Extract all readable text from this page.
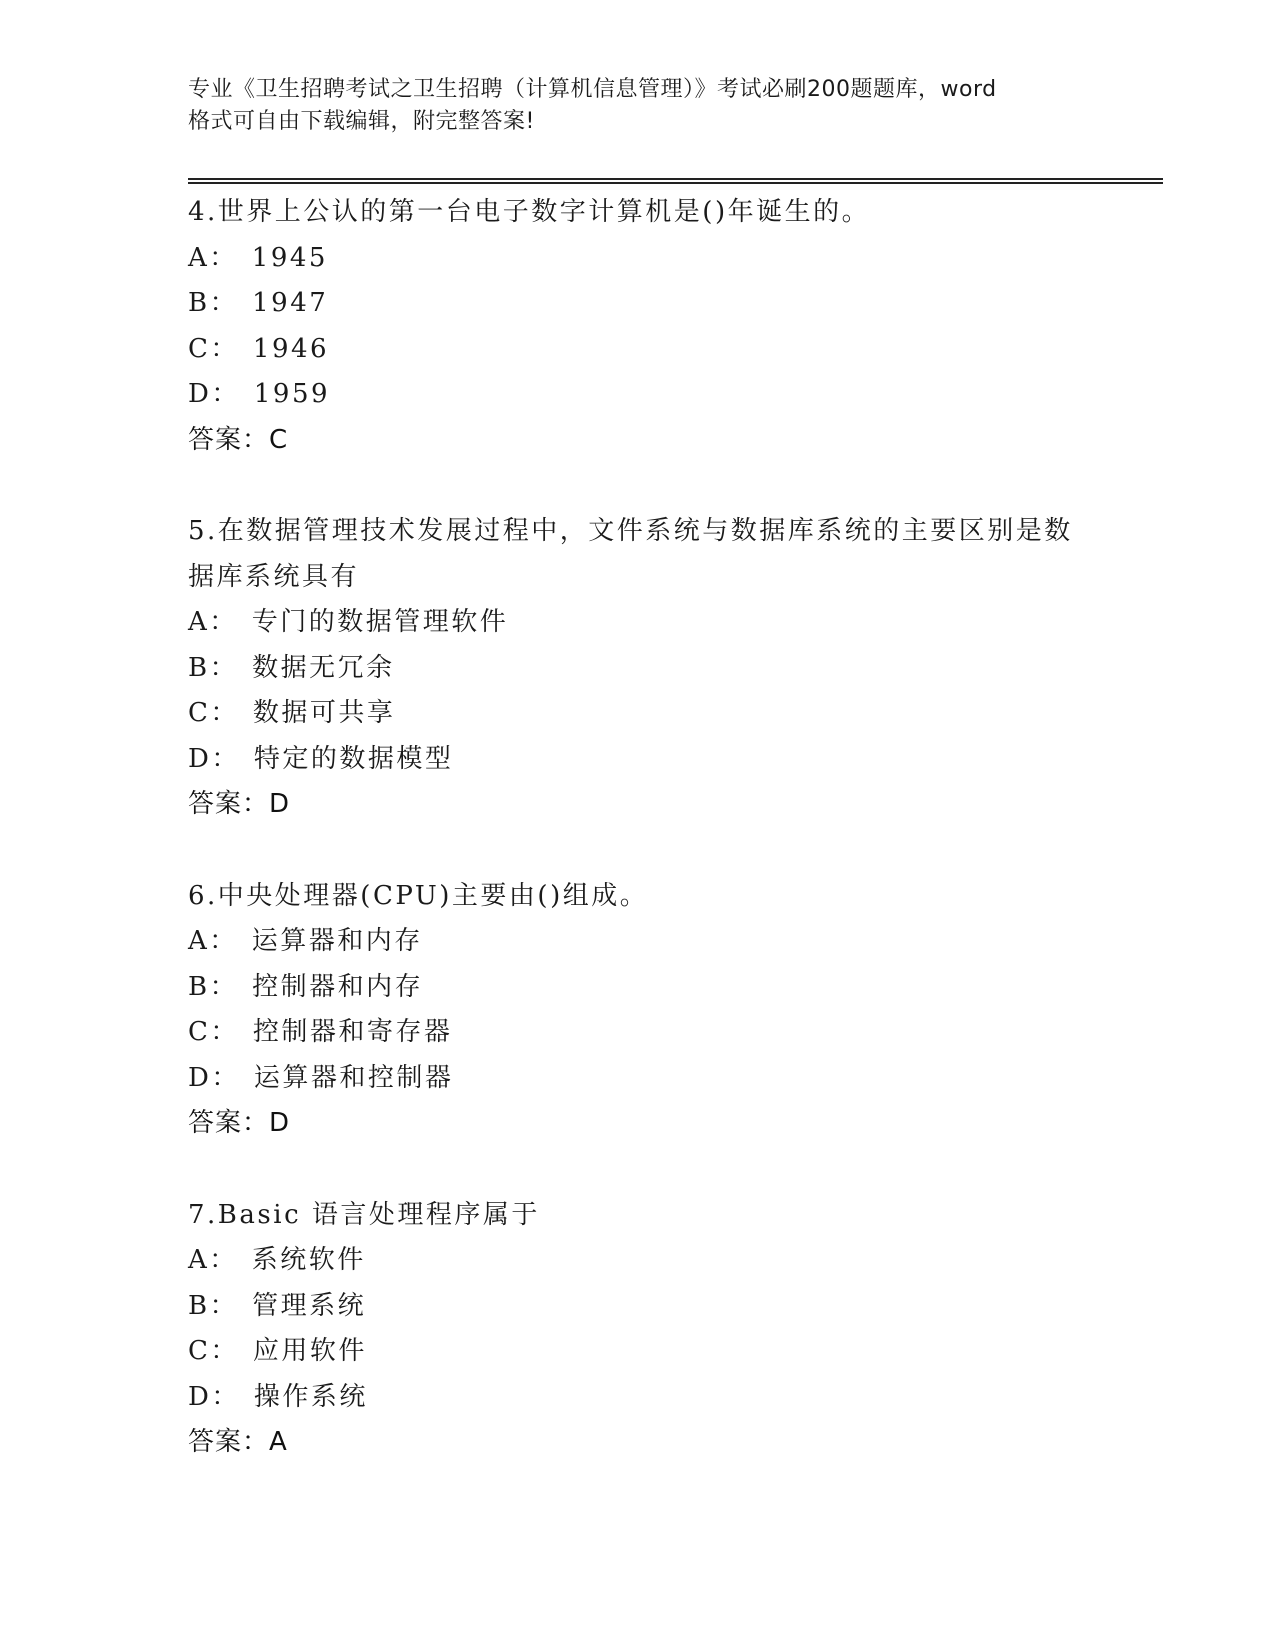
专业《卫生招聘考试之卫生招聘（计算机信息管理）》考试必刷200题题库，word
格式可自由下载编辑，附完整答案!
4.世界上公认的第一台电子数字计算机是()年诞生的。
A： 1945
B： 1947
C： 1946
D： 1959
答案：C
5.在数据管理技术发展过程中，文件系统与数据库系统的主要区别是数据库系统具有
A： 专门的数据管理软件
B： 数据无冗余
C： 数据可共享
D： 特定的数据模型
答案：D
6.中央处理器(CPU)主要由()组成。
A： 运算器和内存
B： 控制器和内存
C： 控制器和寄存器
D： 运算器和控制器
答案：D
7.Basic 语言处理程序属于
A： 系统软件
B： 管理系统
C： 应用软件
D： 操作系统
答案：A
